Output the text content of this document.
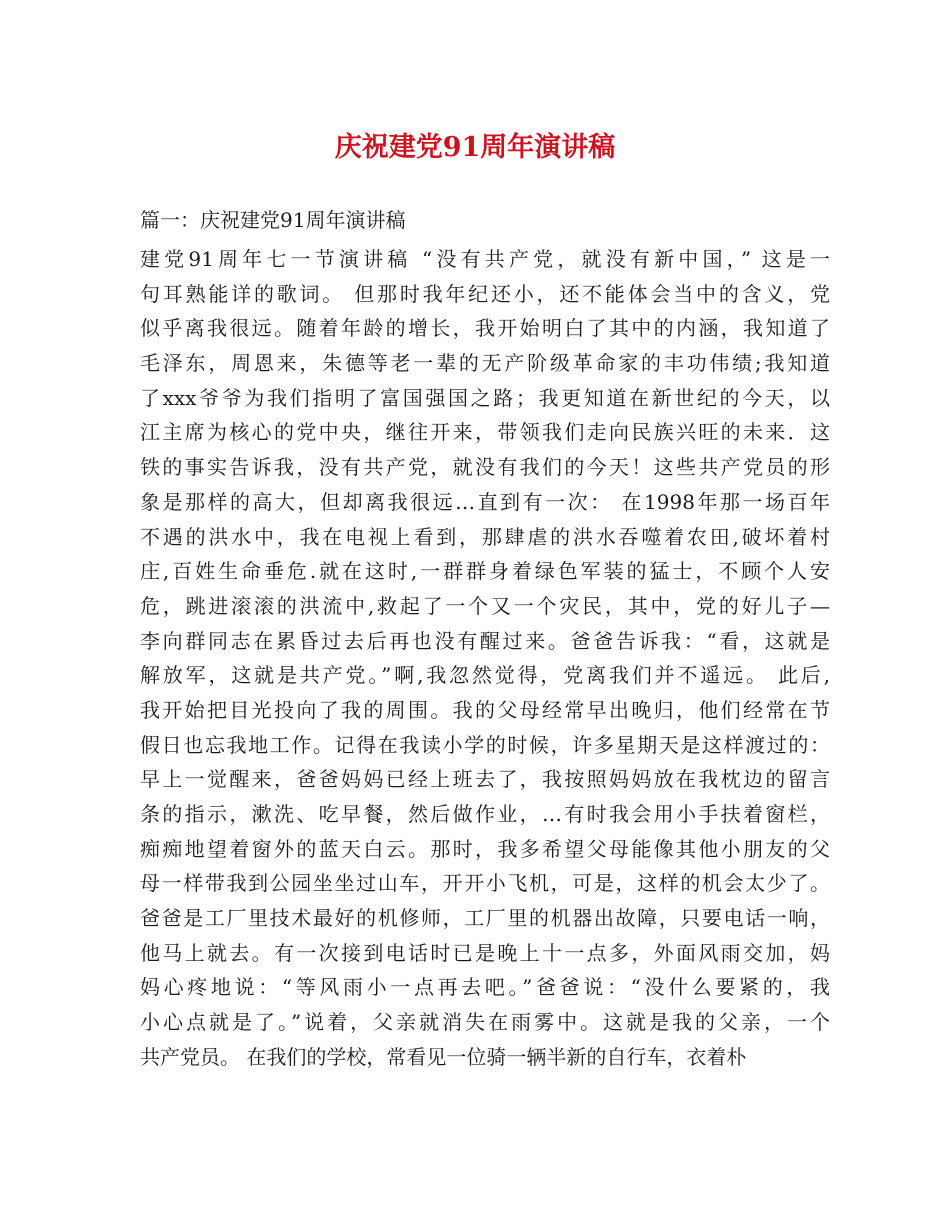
庆祝建党91周年演讲稿

篇一：庆祝建党91周年演讲稿

建党91周年七一节演讲稿 “没有共产党，就没有新中国，” 这是一
句耳熟能详的歌词。 但那时我年纪还小，还不能体会当中的含义，党
似乎离我很远。随着年龄的增长，我开始明白了其中的内涵，我知道了
毛泽东，周恩来，朱德等老一辈的无产阶级革命家的丰功伟绩;我知道
了xxx爷爷为我们指明了富国强国之路；我更知道在新世纪的今天，以
江主席为核心的党中央，继往开来，带领我们走向民族兴旺的未来．这
铁的事实告诉我，没有共产党，就没有我们的今天！这些共产党员的形
象是那样的高大，但却离我很远…直到有一次： 在1998年那一场百年
不遇的洪水中，我在电视上看到，那肆虐的洪水吞噬着农田,破坏着村
庄,百姓生命垂危.就在这时,一群群身着绿色军装的猛士，不顾个人安
危，跳进滚滚的洪流中,救起了一个又一个灾民，其中，党的好儿子—
李向群同志在累昏过去后再也没有醒过来。爸爸告诉我：“看，这就是
解放军，这就是共产党。”啊,我忽然觉得，党离我们并不遥远。 此后,
我开始把目光投向了我的周围。我的父母经常早出晚归，他们经常在节
假日也忘我地工作。记得在我读小学的时候，许多星期天是这样渡过的：
早上一觉醒来，爸爸妈妈已经上班去了，我按照妈妈放在我枕边的留言
条的指示，漱洗、吃早餐，然后做作业，…有时我会用小手扶着窗栏，
痴痴地望着窗外的蓝天白云。那时，我多希望父母能像其他小朋友的父
母一样带我到公园坐坐过山车，开开小飞机，可是，这样的机会太少了。
爸爸是工厂里技术最好的机修师，工厂里的机器出故障，只要电话一响，
他马上就去。有一次接到电话时已是晚上十一点多，外面风雨交加，妈
妈心疼地说：“等风雨小一点再去吧。”爸爸说：“没什么要紧的，我
小心点就是了。”说着，父亲就消失在雨雾中。这就是我的父亲，一个
共产党员。 在我们的学校，常看见一位骑一辆半新的自行车，衣着朴
